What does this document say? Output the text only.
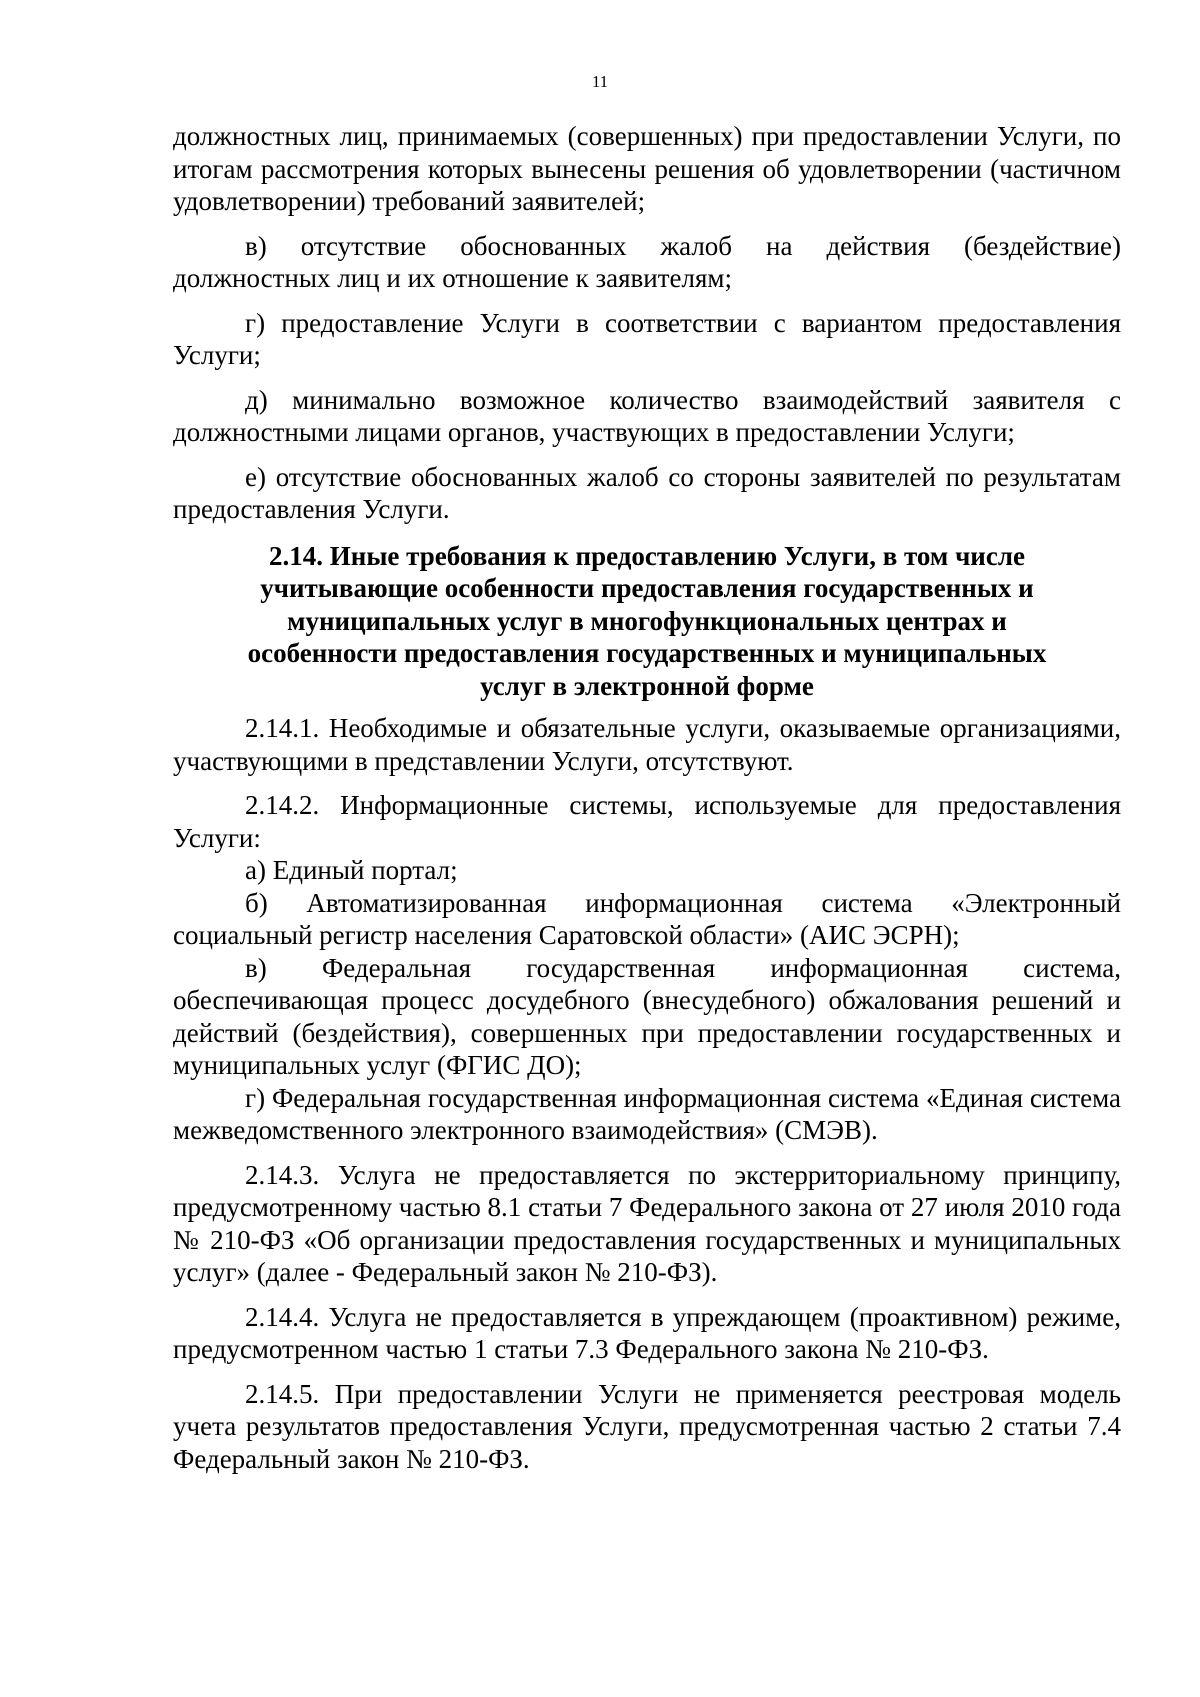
11

должностных лиц, принимаемых (совершенных) при предоставлении Услуги, по итогам рассмотрения которых вынесены решения об удовлетворении (частичном удовлетворении) требований заявителей;

в) отсутствие обоснованных жалоб на действия (бездействие) должностных лиц и их отношение к заявителям;

г) предоставление Услуги в соответствии с вариантом предоставления Услуги;

д) минимально возможное количество взаимодействий заявителя с должностными лицами органов, участвующих в предоставлении Услуги;

е) отсутствие обоснованных жалоб со стороны заявителей по результатам предоставления Услуги.

2.14. Иные требования к предоставлению Услуги, в том числе учитывающие особенности предоставления государственных и муниципальных услуг в многофункциональных центрах и особенности предоставления государственных и муниципальных услуг в электронной форме

2.14.1. Необходимые и обязательные услуги, оказываемые организациями, участвующими в представлении Услуги, отсутствуют.

2.14.2. Информационные системы, используемые для предоставления Услуги:

а) Единый портал;

б) Автоматизированная информационная система «Электронный социальный регистр населения Саратовской области» (АИС ЭСРН);

в) Федеральная государственная информационная система, обеспечивающая процесс досудебного (внесудебного) обжалования решений и действий (бездействия), совершенных при предоставлении государственных и муниципальных услуг (ФГИС ДО);

г) Федеральная государственная информационная система «Единая система межведомственного электронного взаимодействия» (СМЭВ).

2.14.3. Услуга не предоставляется по экстерриториальному принципу, предусмотренному частью 8.1 статьи 7 Федерального закона от 27 июля 2010 года № 210-ФЗ «Об организации предоставления государственных и муниципальных услуг» (далее - Федеральный закон № 210-ФЗ).

2.14.4. Услуга не предоставляется в упреждающем (проактивном) режиме, предусмотренном частью 1 статьи 7.3 Федерального закона № 210-ФЗ.

2.14.5. При предоставлении Услуги не применяется реестровая модель учета результатов предоставления Услуги, предусмотренная частью 2 статьи 7.4 Федеральный закон № 210-ФЗ.
